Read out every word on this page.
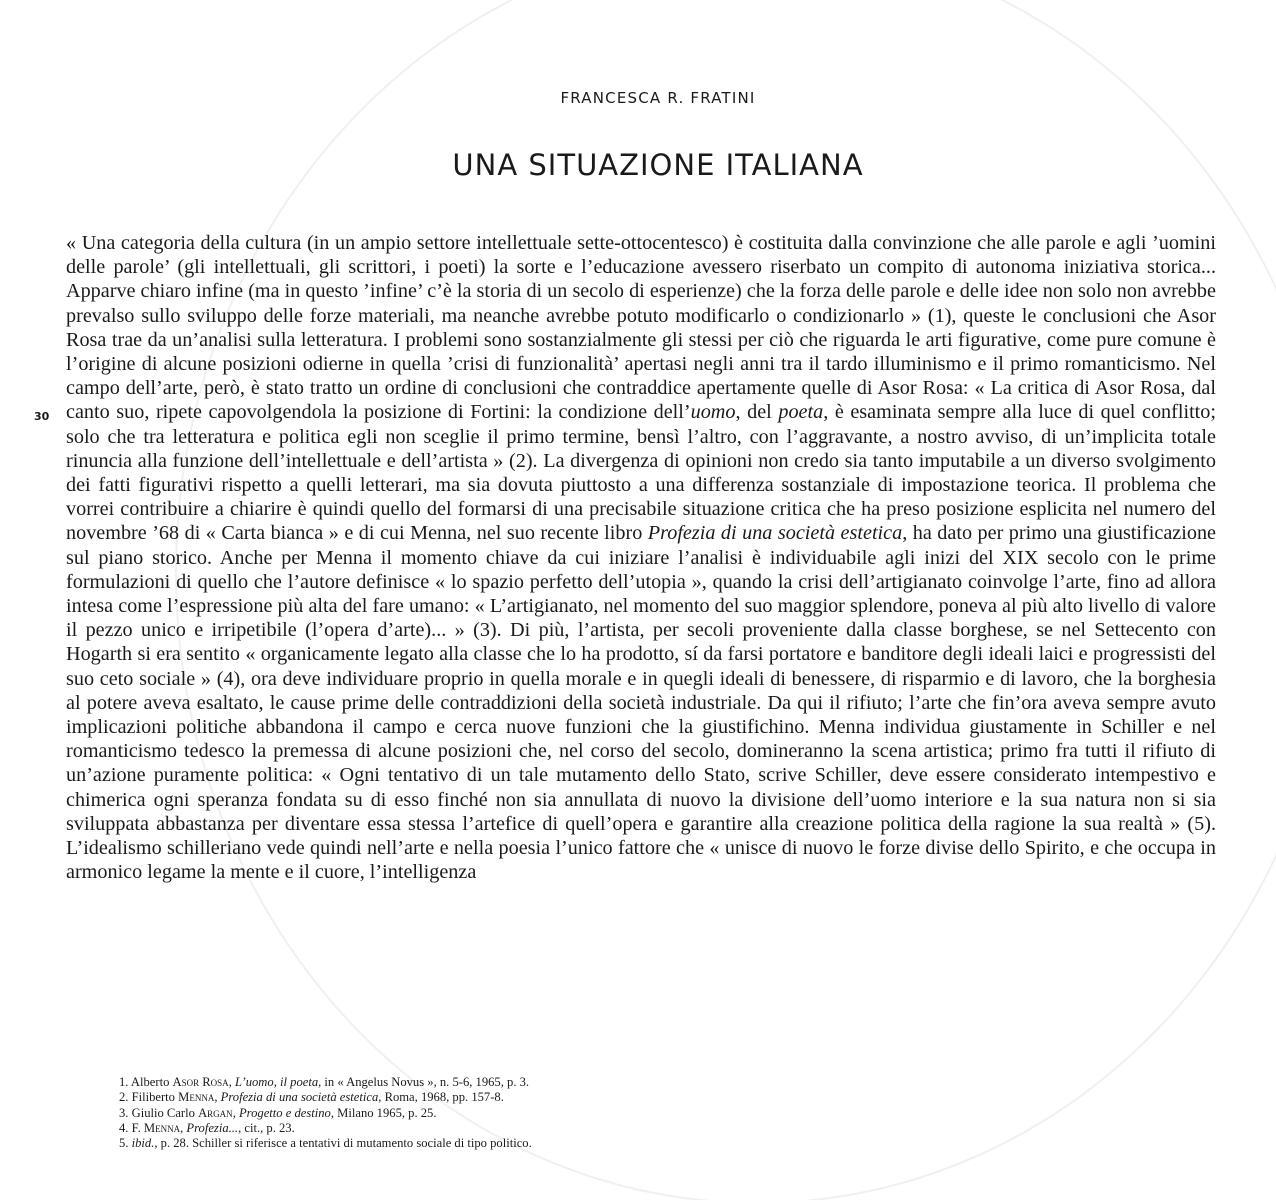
FRANCESCA R. FRATINI
UNA SITUAZIONE ITALIANA
30

« Una categoria della cultura (in un ampio settore intellettuale sette-ottocentesco) è costituita dalla convinzione che alle parole e agli ’uomini delle parole’ (gli intellettuali, gli scrittori, i poeti) la sorte e l’educazione avessero riserbato un compito di autonoma iniziativa storica... Apparve chiaro infine (ma in questo ’infine’ c’è la storia di un secolo di esperienze) che la forza delle parole e delle idee non solo non avrebbe prevalso sullo sviluppo delle forze materiali, ma neanche avrebbe potuto modificarlo o condizionarlo » (1), queste le conclusioni che Asor Rosa trae da un’analisi sulla letteratura. I problemi sono sostanzialmente gli stessi per ciò che riguarda le arti figurative, come pure comune è l’origine di alcune posizioni odierne in quella ’crisi di funzionalità’ apertasi negli anni tra il tardo illuminismo e il primo romanticismo. Nel campo dell’arte, però, è stato tratto un ordine di conclusioni che contraddice apertamente quelle di Asor Rosa: « La critica di Asor Rosa, dal canto suo, ripete capovolgendola la posizione di Fortini: la condizione dell’uomo, del poeta, è esaminata sempre alla luce di quel conflitto; solo che tra letteratura e politica egli non sceglie il primo termine, bensì l’altro, con l’aggravante, a nostro avviso, di un’implicita totale rinuncia alla funzione dell’intellettuale e dell’artista » (2). La divergenza di opinioni non credo sia tanto imputabile a un diverso svolgimento dei fatti figurativi rispetto a quelli letterari, ma sia dovuta piuttosto a una differenza sostanziale di impostazione teorica. Il problema che vorrei contribuire a chiarire è quindi quello del formarsi di una precisabile situazione critica che ha preso posizione esplicita nel numero del novembre ’68 di « Carta bianca » e di cui Menna, nel suo recente libro Profezia di una società estetica, ha dato per primo una giustificazione sul piano storico. Anche per Menna il momento chiave da cui iniziare l’analisi è individuabile agli inizi del XIX secolo con le prime formulazioni di quello che l’autore definisce « lo spazio perfetto dell’utopia », quando la crisi dell’artigianato coinvolge l’arte, fino ad allora intesa come l’espressione più alta del fare umano: « L’artigianato, nel momento del suo maggior splendore, poneva al più alto livello di valore il pezzo unico e irripetibile (l’opera d’arte)... » (3). Di più, l’artista, per secoli proveniente dalla classe borghese, se nel Settecento con Hogarth si era sentito « organicamente legato alla classe che lo ha prodotto, sí da farsi portatore e banditore degli ideali laici e progressisti del suo ceto sociale » (4), ora deve individuare proprio in quella morale e in quegli ideali di benessere, di risparmio e di lavoro, che la borghesia al potere aveva esaltato, le cause prime delle contraddizioni della società industriale. Da qui il rifiuto; l’arte che fin’ora aveva sempre avuto implicazioni politiche abbandona il campo e cerca nuove funzioni che la giustifichino. Menna individua giustamente in Schiller e nel romanticismo tedesco la premessa di alcune posizioni che, nel corso del secolo, domineranno la scena artistica; primo fra tutti il rifiuto di un’azione puramente politica: « Ogni tentativo di un tale mutamento dello Stato, scrive Schiller, deve essere considerato intempestivo e chimerica ogni speranza fondata su di esso finché non sia annullata di nuovo la divisione dell’uomo interiore e la sua natura non si sia sviluppata abbastanza per diventare essa stessa l’artefice di quell’opera e garantire alla creazione politica della ragione la sua realtà » (5). L’idealismo schilleriano vede quindi nell’arte e nella poesia l’unico fattore che « unisce di nuovo le forze divise dello Spirito, e che occupa in armonico legame la mente e il cuore, l’intelligenza

1. Alberto Asor Rosa, L’uomo, il poeta, in « Angelus Novus », n. 5-6, 1965, p. 3.
2. Filiberto Menna, Profezia di una società estetica, Roma, 1968, pp. 157-8.
3. Giulio Carlo Argan, Progetto e destino, Milano 1965, p. 25.
4. F. Menna, Profezia..., cit., p. 23.
5. ibid., p. 28. Schiller si riferisce a tentativi di mutamento sociale di tipo politico.
